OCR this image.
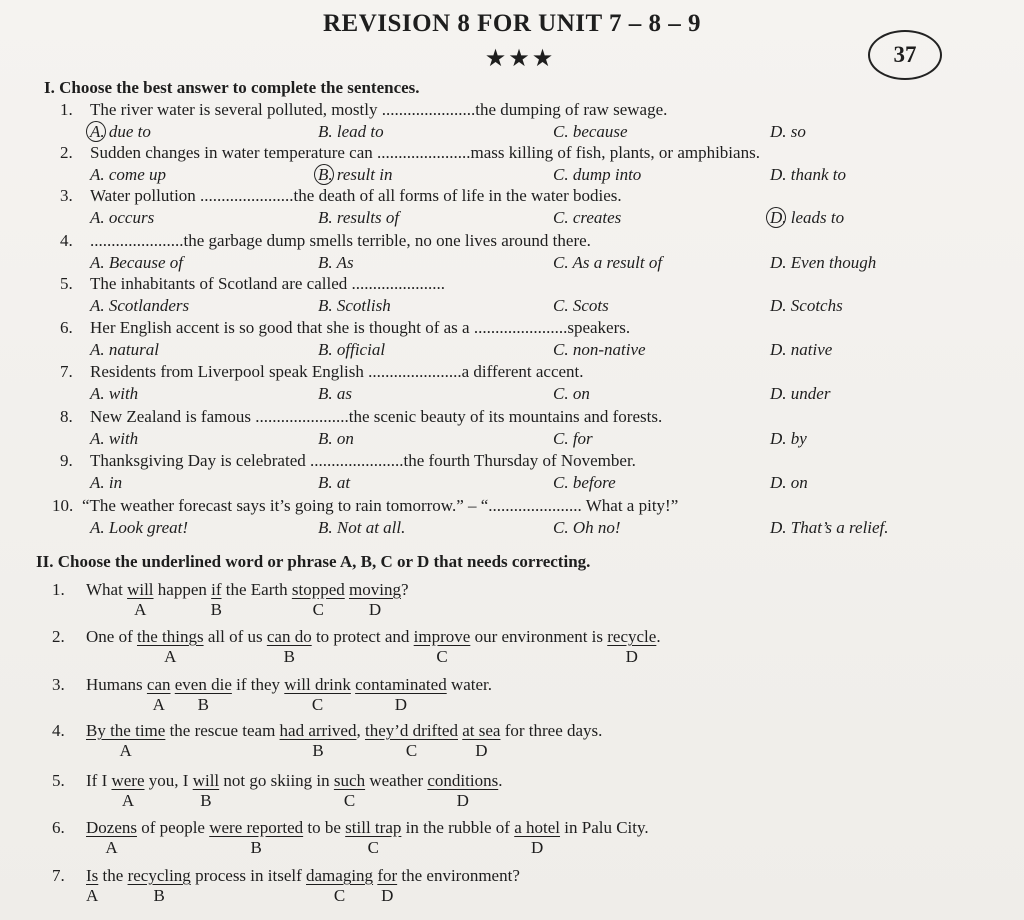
REVISION 8 FOR UNIT 7 – 8 – 9
★★★	37
I. Choose the best answer to complete the sentences.
1. The river water is several polluted, mostly ......................the dumping of raw sewage.
A. due to	B. lead to	C. because	D. so
2. Sudden changes in water temperature can ......................mass killing of fish, plants, or amphibians.
A. come up	B. result in	C. dump into	D. thank to
3. Water pollution ......................the death of all forms of life in the water bodies.
A. occurs	B. results of	C. creates	D. leads to
4. ......................the garbage dump smells terrible, no one lives around there.
A. Because of	B. As	C. As a result of	D. Even though
5. The inhabitants of Scotland are called ......................
A. Scotlanders	B. Scotlish	C. Scots	D. Scotchs
6. Her English accent is so good that she is thought of as a ......................speakers.
A. natural	B. official	C. non-native	D. native
7. Residents from Liverpool speak English ......................a different accent.
A. with	B. as	C. on	D. under
8. New Zealand is famous ......................the scenic beauty of its mountains and forests.
A. with	B. on	C. for	D. by
9. Thanksgiving Day is celebrated ......................the fourth Thursday of November.
A. in	B. at	C. before	D. on
10. “The weather forecast says it’s going to rain tomorrow.” – “...................... What a pity!”
A. Look great!	B. Not at all.	C. Oh no!	D. That’s a relief.
II. Choose the underlined word or phrase A, B, C or D that needs correcting.
1. What will happen if the Earth stopped moving?
A	B	C	D
2. One of the things all of us can do to protect and improve our environment is recycle.
A	B	C	D
3. Humans can even die if they will drink contaminated water.
A B	C	D
4. By the time the rescue team had arrived, they’d drifted at sea for three days.
A	B	C	D
5. If I were you, I will not go skiing in such weather conditions.
A	B	C	D
6. Dozens of people were reported to be still trap in the rubble of a hotel in Palu City.
A	B	C	D
7. Is the recycling process in itself damaging for the environment?
A	B	C D
